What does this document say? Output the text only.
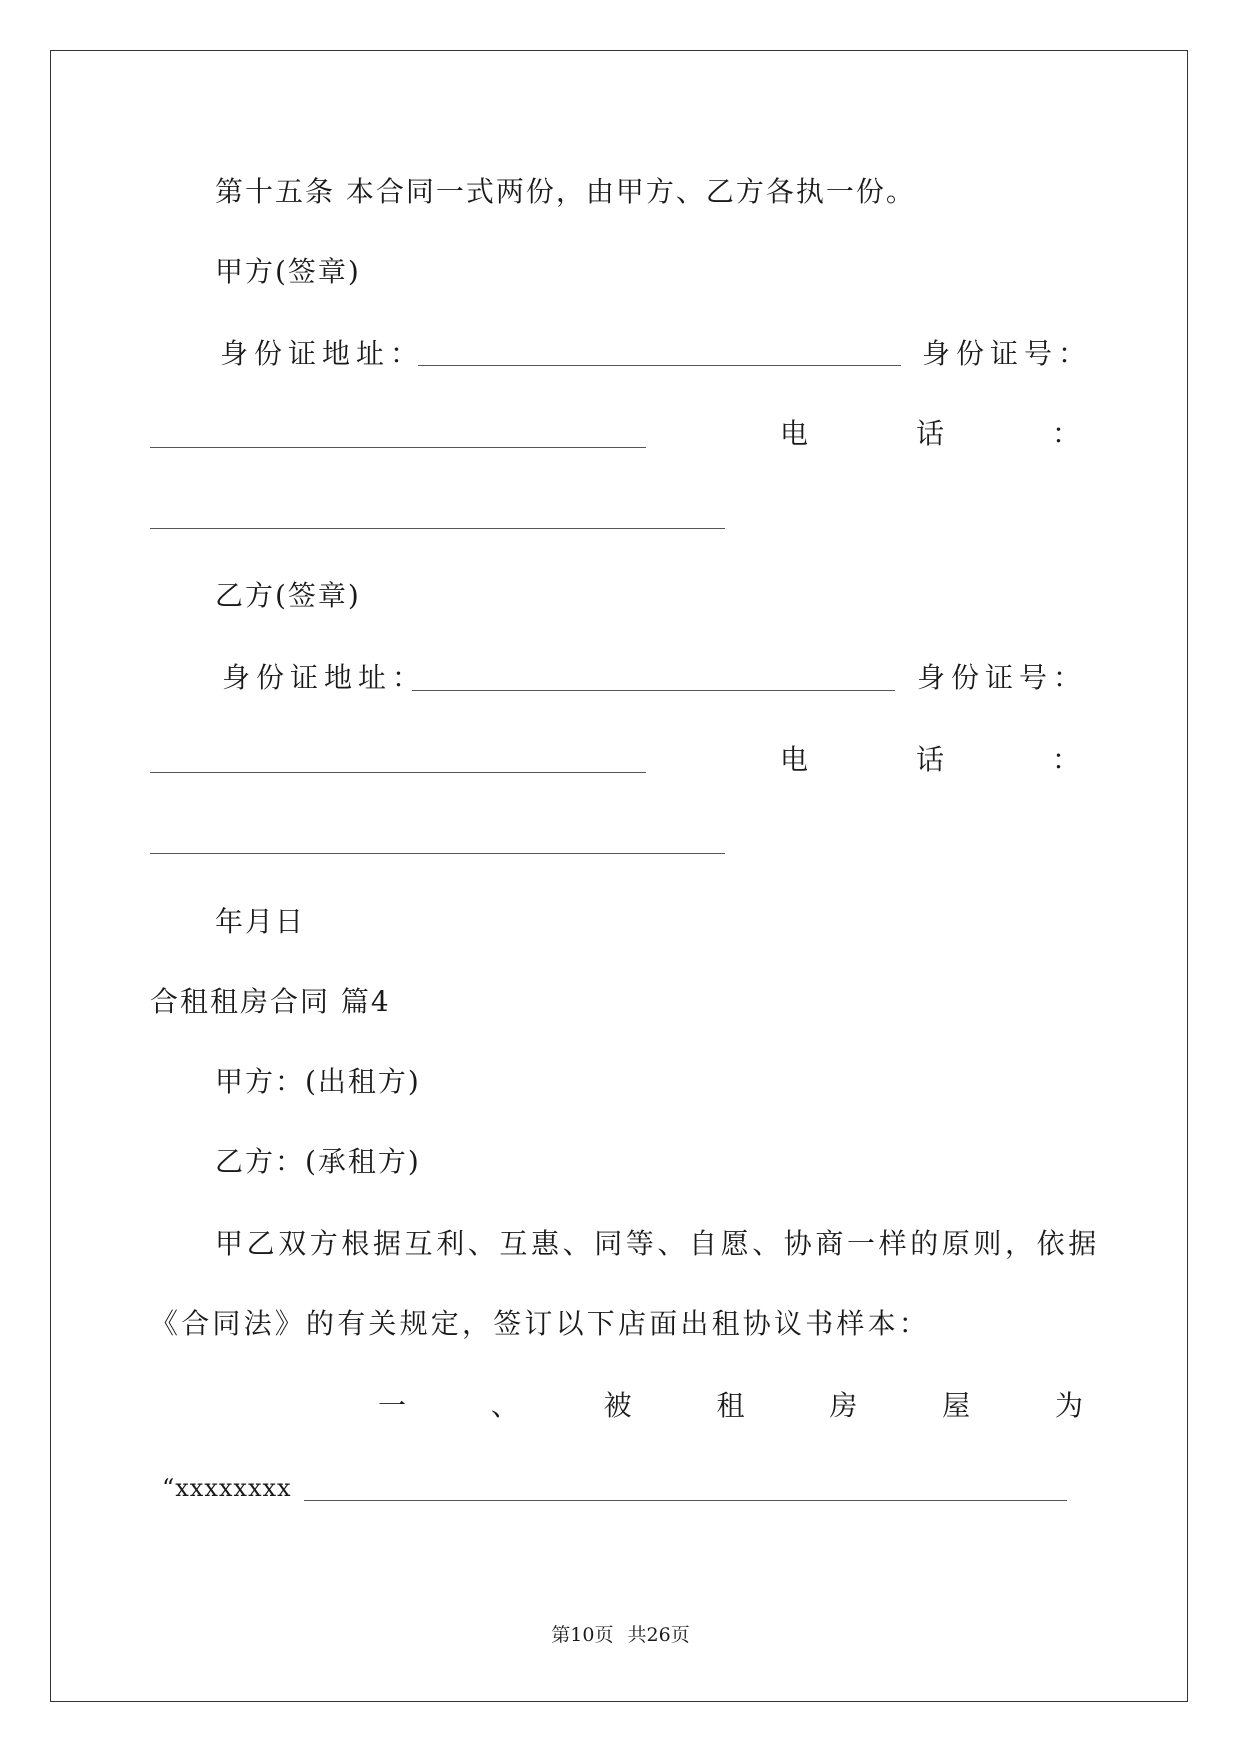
第十五条 本合同一式两份，由甲方、乙方各执一份。
甲方(签章)
身份证地址：	身份证号：
电	话	：
乙方(签章)
身份证地址：	身份证号：
电	话	：
年月日
合租租房合同 篇4
甲方：(出租方)
乙方：(承租方)
甲乙双方根据互利、互惠、同等、自愿、协商一样的原则，依据
《合同法》的有关规定，签订以下店面出租协议书样本：
一	、	被	租	房	屋	为
“xxxxxxxx
第10页 共26页
